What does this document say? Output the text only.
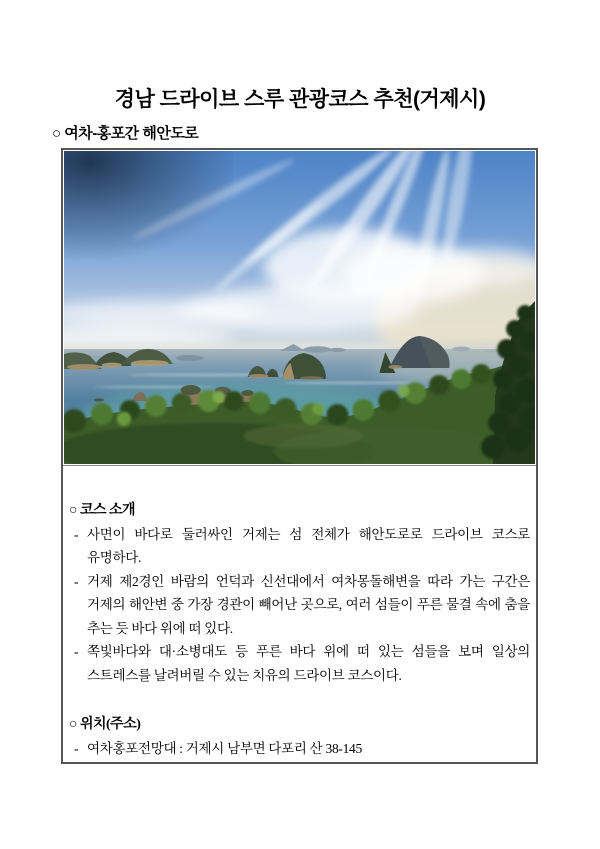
경남 드라이브 스루 관광코스 추천(거제시)
○ 여차-홍포간 해안도로
○ 코스 소개
- 사면이 바다로 둘러싸인 거제는 섬 전체가 해안도로로 드라이브 코스로 유명하다.
- 거제 제2경인 바람의 언덕과 신선대에서 여차몽돌해변을 따라 가는 구간은 거제의 해안변 중 가장 경관이 빼어난 곳으로, 여러 섬들이 푸른 물결 속에 춤을 추는 듯 바다 위에 떠 있다.
- 쪽빛바다와 대·소병대도 등 푸른 바다 위에 떠 있는 섬들을 보며 일상의 스트레스를 날려버릴 수 있는 치유의 드라이브 코스이다.
○ 위치(주소)
- 여차홍포전망대 : 거제시 남부면 다포리 산 38-145
